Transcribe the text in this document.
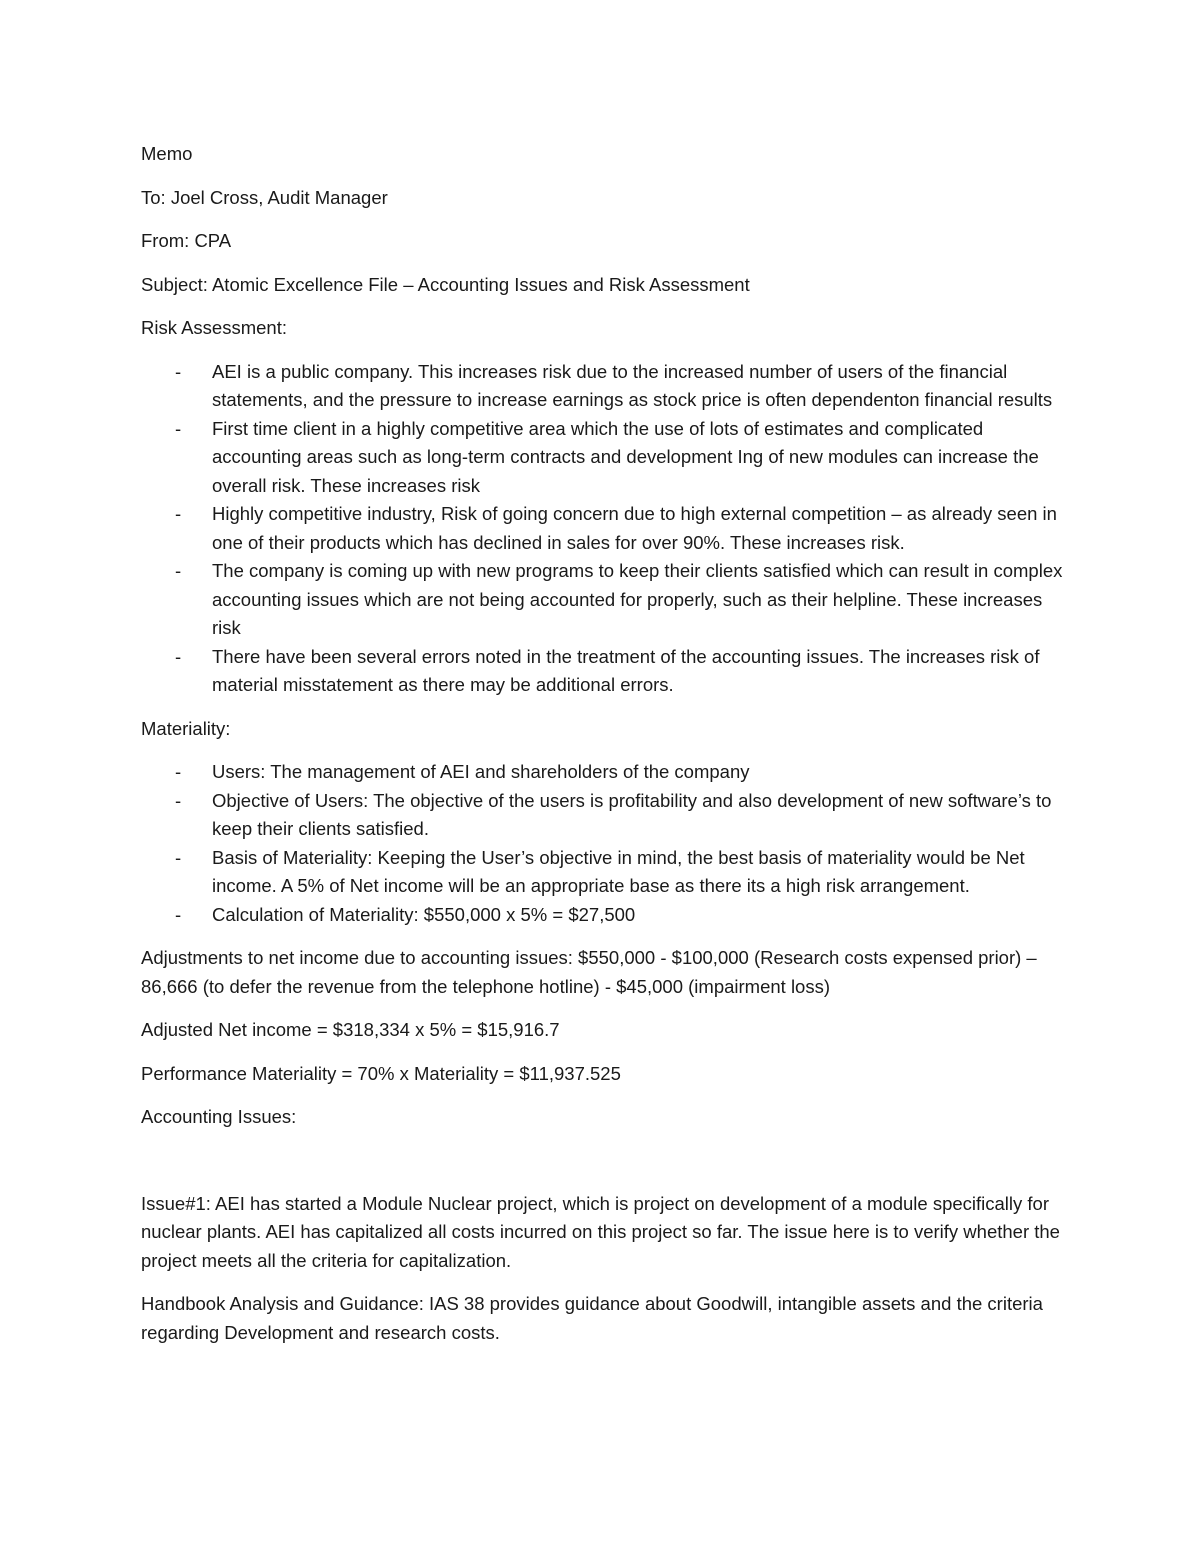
Memo

To: Joel Cross, Audit Manager

From: CPA

Subject: Atomic Excellence File – Accounting Issues and Risk Assessment

Risk Assessment:

- AEI is a public company. This increases risk due to the increased number of users of the financial statements, and the pressure to increase earnings as stock price is often dependenton financial results
- First time client in a highly competitive area which the use of lots of estimates and complicated accounting areas such as long-term contracts and development Ing of new modules can increase the overall risk. These increases risk
- Highly competitive industry, Risk of going concern due to high external competition – as already seen in one of their products which has declined in sales for over 90%. These increases risk.
- The company is coming up with new programs to keep their clients satisfied which can result in complex accounting issues which are not being accounted for properly, such as their helpline. These increases risk
- There have been several errors noted in the treatment of the accounting issues. The increases risk of material misstatement as there may be additional errors.

Materiality:

- Users: The management of AEI and shareholders of the company
- Objective of Users: The objective of the users is profitability and also development of new software’s to keep their clients satisfied.
- Basis of Materiality: Keeping the User’s objective in mind, the best basis of materiality would be Net income. A 5% of Net income will be an appropriate base as there its a high risk arrangement.
- Calculation of Materiality: $550,000 x 5% = $27,500

Adjustments to net income due to accounting issues: $550,000 - $100,000 (Research costs expensed prior) – 86,666 (to defer the revenue from the telephone hotline) - $45,000 (impairment loss)

Adjusted Net income = $318,334 x 5% = $15,916.7

Performance Materiality = 70% x Materiality = $11,937.525

Accounting Issues:

Issue#1: AEI has started a Module Nuclear project, which is project on development of a module specifically for nuclear plants. AEI has capitalized all costs incurred on this project so far. The issue here is to verify whether the project meets all the criteria for capitalization.

Handbook Analysis and Guidance: IAS 38 provides guidance about Goodwill, intangible assets and the criteria regarding Development and research costs.
